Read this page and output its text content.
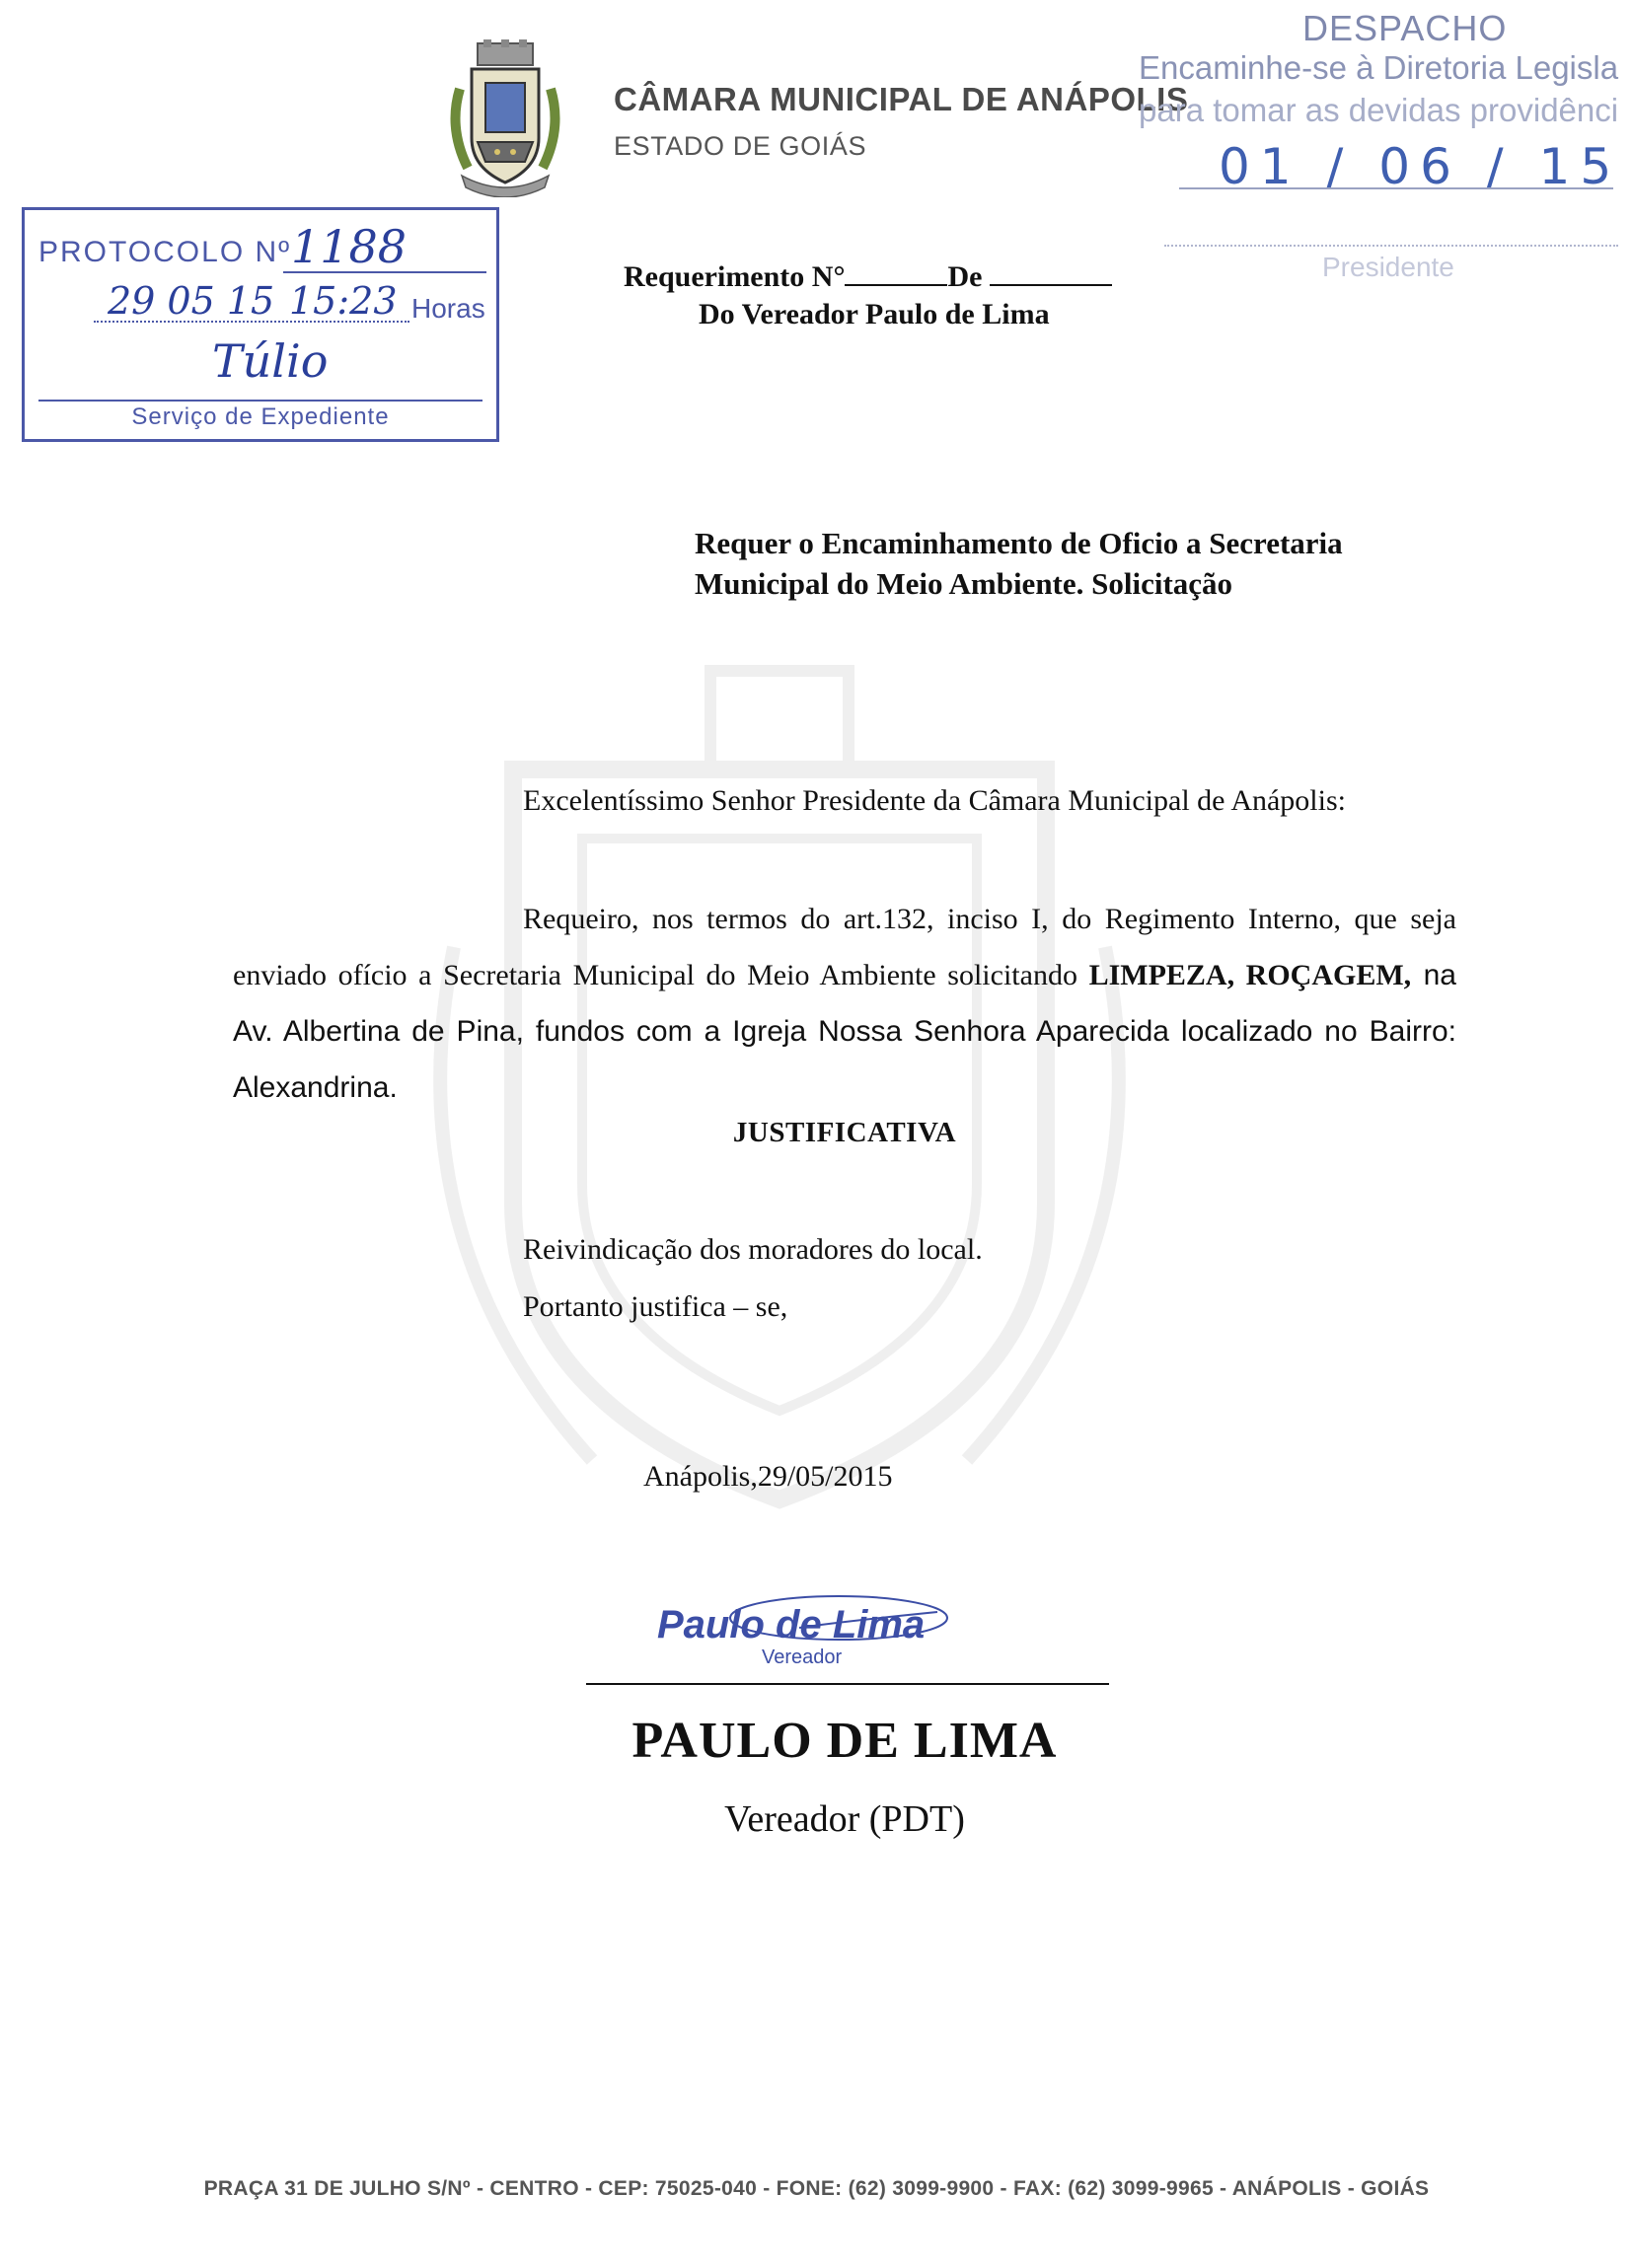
CÂMARA MUNICIPAL DE ANÁPOLIS
ESTADO DE GOIÁS
DESPACHO
Encaminhe-se à Diretoria Legisla
para tomar as devidas providênci
01 / 06 / 15
Presidente
PROTOCOLO Nº 1188
29 05 15 15:23 Horas
Túlio
Serviço de Expediente
Requerimento N°	De
Do Vereador Paulo de Lima
Requer o Encaminhamento de Oficio a Secretaria Municipal do Meio Ambiente. Solicitação
Excelentíssimo Senhor Presidente da Câmara Municipal de Anápolis:
Requeiro, nos termos do art.132, inciso I, do Regimento Interno, que seja enviado ofício a Secretaria Municipal do Meio Ambiente solicitando LIMPEZA, ROÇAGEM, na Av. Albertina de Pina, fundos com a Igreja Nossa Senhora Aparecida localizado no Bairro: Alexandrina.
JUSTIFICATIVA
Reivindicação dos moradores do local.
Portanto justifica – se,
Anápolis,29/05/2015
Paulo de Lima
Vereador
PAULO DE LIMA
Vereador (PDT)
PRAÇA 31 DE JULHO S/Nº - CENTRO - CEP: 75025-040 - FONE: (62) 3099-9900 - FAX: (62) 3099-9965 - ANÁPOLIS - GOIÁS
